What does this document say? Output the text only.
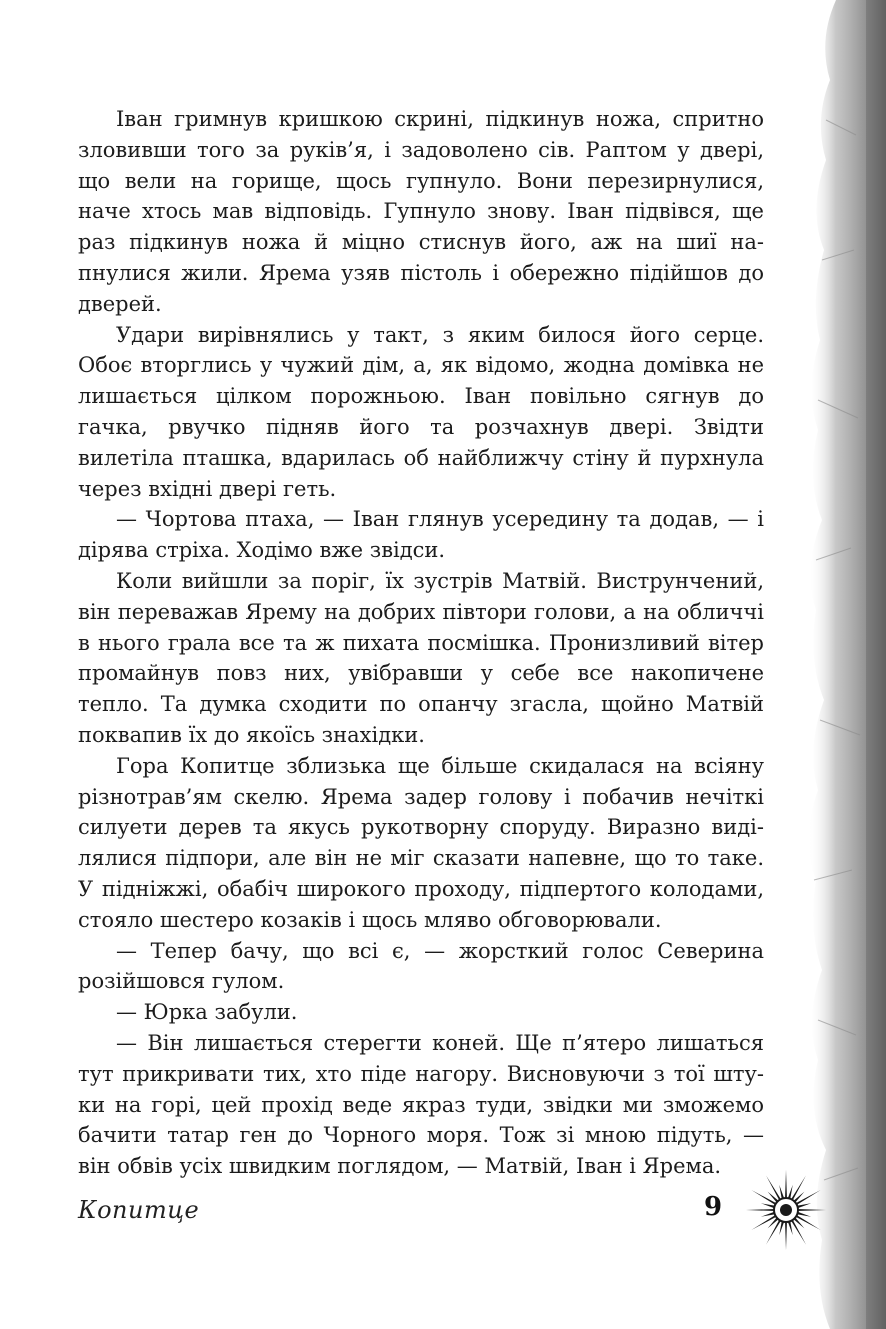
Іван гримнув кришкою скрині, підкинув ножа, спритно зловивши того за руків’я, і задоволено сів. Раптом у двері, що вели на горище, щось гупнуло. Вони перезирнулися, наче хтось мав відповідь. Гупнуло знову. Іван підвівся, ще раз підкинув ножа й міцно стиснув його, аж на шиї напнулися жили. Ярема узяв пістоль і обережно підійшов до дверей.

Удари вирівнялись у такт, з яким билося його серце. Обоє вторглись у чужий дім, а, як відомо, жодна домівка не лишається цілком порожньою. Іван повільно сягнув до гачка, рвучко підняв його та розчахнув двері. Звідти вилетіла пташка, вдарилась об найближчу стіну й пурхнула через вхідні двері геть.

— Чортова птаха, — Іван глянув усередину та додав, — і дірява стріха. Ходімо вже звідси.

Коли вийшли за поріг, їх зустрів Матвій. Виструнчений, він переважав Ярему на добрих півтори голови, а на обличчі в нього грала все та ж пихата посмішка. Пронизливий вітер промайнув повз них, увібравши у себе все накопичене тепло. Та думка сходити по опанчу згасла, щойно Матвій поквапив їх до якоїсь знахідки.

Гора Копитце зблизька ще більше скидалася на всіяну різнотрав’ям скелю. Ярема задер голову і побачив нечіткі силуети дерев та якусь рукотворну споруду. Виразно виділялися підпори, але він не міг сказати напевне, що то таке. У підніжжі, обабіч широкого проходу, підпертого колодами, стояло шестеро козаків і щось мляво обговорювали.

— Тепер бачу, що всі є, — жорсткий голос Северина розійшовся гулом.

— Юрка забули.

— Він лишається стерегти коней. Ще п’ятеро лишаться тут прикривати тих, хто піде нагору. Висновуючи з тої штуки на горі, цей прохід веде якраз туди, звідки ми зможемо бачити татар ген до Чорного моря. Тож зі мною підуть, — він обвів усіх швидким поглядом, — Матвій, Іван і Ярема.

Копитце	9
